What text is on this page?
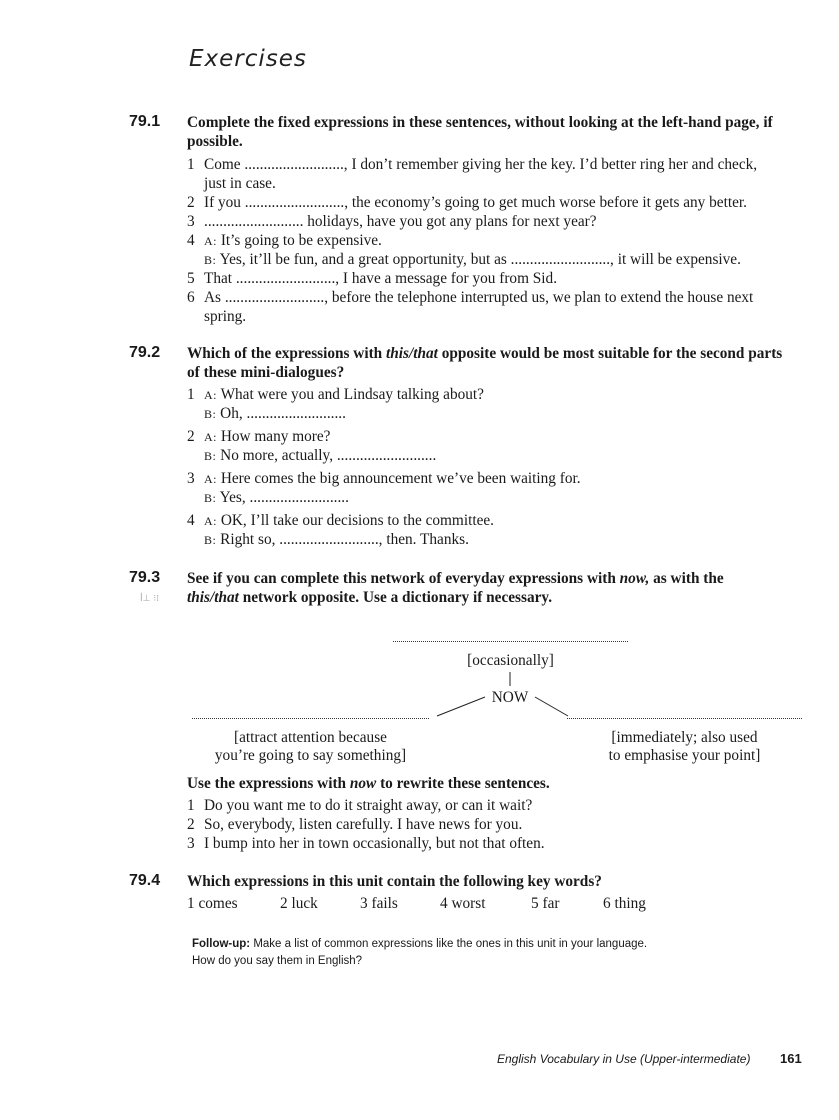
Exercises
79.1 Complete the fixed expressions in these sentences, without looking at the left-hand page, if possible.
1 Come .........................., I don’t remember giving her the key. I’d better ring her and check,
just in case.
2 If you .........................., the economy’s going to get much worse before it gets any better.
3 .......................... holidays, have you got any plans for next year?
4 A: It’s going to be expensive.
B: Yes, it’ll be fun, and a great opportunity, but as .........................., it will be expensive.
5 That .........................., I have a message for you from Sid.
6 As .........................., before the telephone interrupted us, we plan to extend the house next
spring.
79.2 Which of the expressions with this/that opposite would be most suitable for the second parts of these mini-dialogues?
1 A: What were you and Lindsay talking about?
B: Oh, ..........................
2 A: How many more?
B: No more, actually, ..........................
3 A: Here comes the big announcement we’ve been waiting for.
B: Yes, ..........................
4 A: OK, I’ll take our decisions to the committee.
B: Right so, .........................., then. Thanks.
79.3
ꟾ⊥ ⁝⁞
See if you can complete this network of everyday expressions with now, as with the
this/that network opposite. Use a dictionary if necessary.
[occasionally]
NOW
[attract attention because
you’re going to say something]
[immediately; also used
to emphasise your point]
Use the expressions with now to rewrite these sentences.
1 Do you want me to do it straight away, or can it wait?
2 So, everybody, listen carefully. I have news for you.
3 I bump into her in town occasionally, but not that often.
79.4 Which expressions in this unit contain the following key words?
1 comes	2 luck	3 fails	4 worst	5 far	6 thing
Follow-up: Make a list of common expressions like the ones in this unit in your language.
How do you say them in English?
English Vocabulary in Use (Upper-intermediate) 161
